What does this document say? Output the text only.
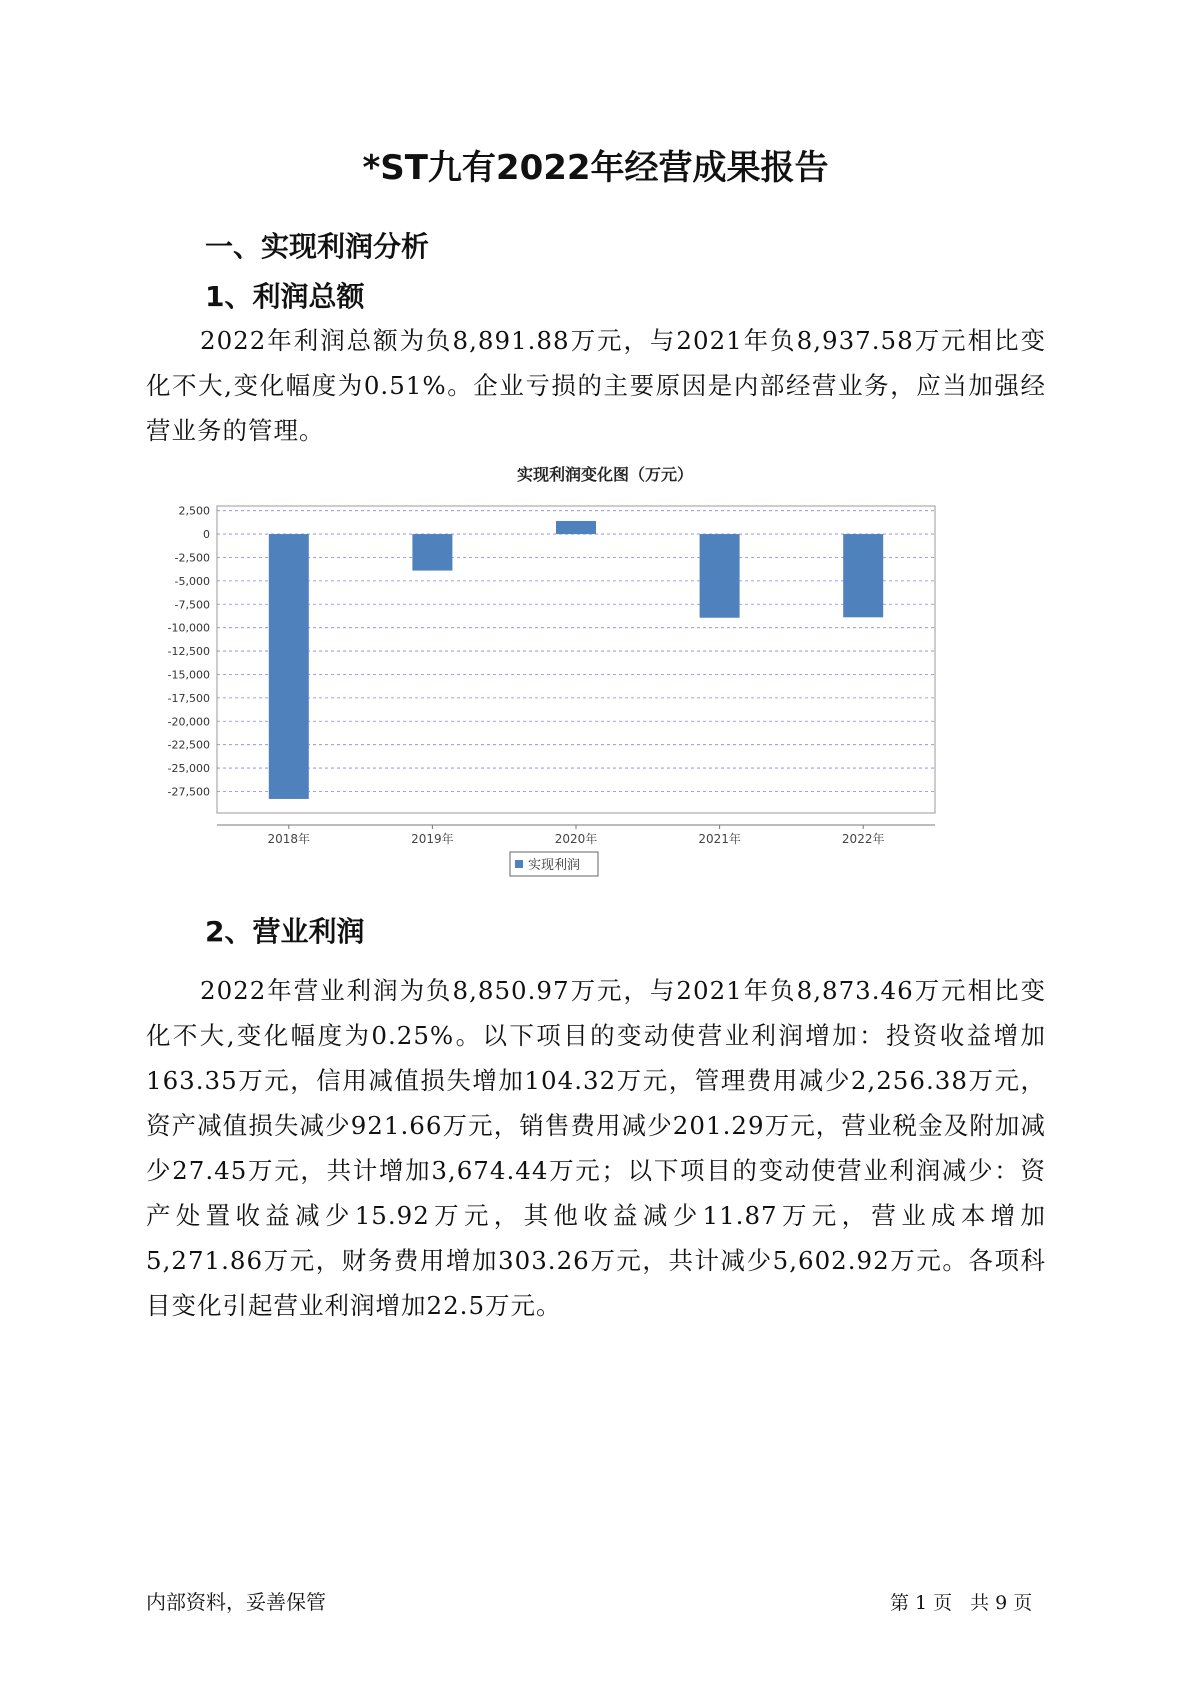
*ST九有2022年经营成果报告
一、实现利润分析
1、利润总额

2022年利润总额为负8,891.88万元，与2021年负8,937.58万元相比变化不大,变化幅度为0.51%。企业亏损的主要原因是内部经营业务，应当加强经营业务的管理。

实现利润变化图（万元）
2,500
0
-2,500
-5,000
-7,500
-10,000
-12,500
-15,000
-17,500
-20,000
-22,500
-25,000
-27,500
2018年	2019年	2020年	2021年	2022年
实现利润
2、营业利润

2022年营业利润为负8,850.97万元，与2021年负8,873.46万元相比变化不大,变化幅度为0.25%。以下项目的变动使营业利润增加：投资收益增加163.35万元，信用减值损失增加104.32万元，管理费用减少2,256.38万元，资产减值损失减少921.66万元，销售费用减少201.29万元，营业税金及附加减少27.45万元，共计增加3,674.44万元；以下项目的变动使营业利润减少：资产处置收益减少15.92万元，其他收益减少11.87万元，营业成本增加5,271.86万元，财务费用增加303.26万元，共计减少5,602.92万元。各项科目变化引起营业利润增加22.5万元。

内部资料，妥善保管	第 1 页 共 9 页
